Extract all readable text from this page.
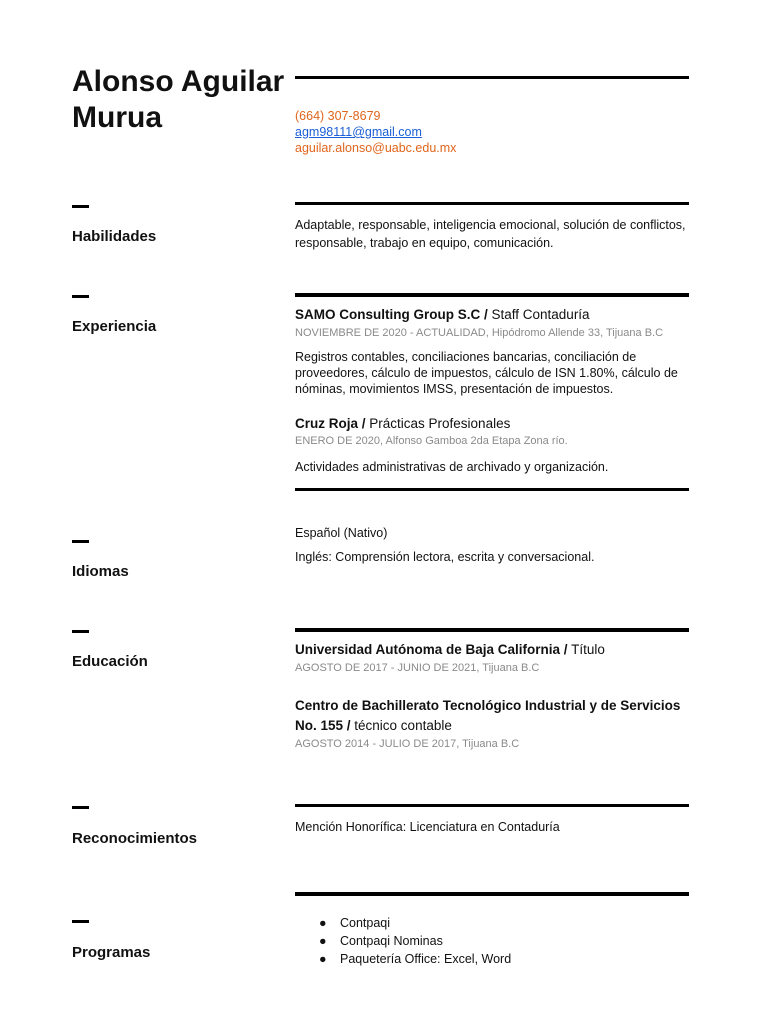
Alonso Aguilar Murua	(664) 307-8679
agm98111@gmail.com
aguilar.alonso@uabc.edu.mx
Habilidades
Adaptable, responsable, inteligencia emocional, solución de conflictos, responsable, trabajo en equipo, comunicación.
Experiencia
SAMO Consulting Group S.C / Staff Contaduría
NOVIEMBRE DE 2020 - ACTUALIDAD, Hipódromo Allende 33, Tijuana B.C
Registros contables, conciliaciones bancarias, conciliación de proveedores, cálculo de impuestos, cálculo de ISN 1.80%, cálculo de nóminas, movimientos IMSS, presentación de impuestos.
Cruz Roja / Prácticas Profesionales
ENERO DE 2020, Alfonso Gamboa 2da Etapa Zona río.
Actividades administrativas de archivado y organización.
Idiomas
Español (Nativo)
Inglés: Comprensión lectora, escrita y conversacional.
Educación
Universidad Autónoma de Baja California / Título
AGOSTO DE 2017 - JUNIO DE 2021, Tijuana B.C
Centro de Bachillerato Tecnológico Industrial y de Servicios No. 155 / técnico contable
AGOSTO 2014 - JULIO DE 2017, Tijuana B.C
Reconocimientos
Mención Honorífica: Licenciatura en Contaduría
Programas
● Contpaqi
● Contpaqi Nominas
● Paquetería Office: Excel, Word
